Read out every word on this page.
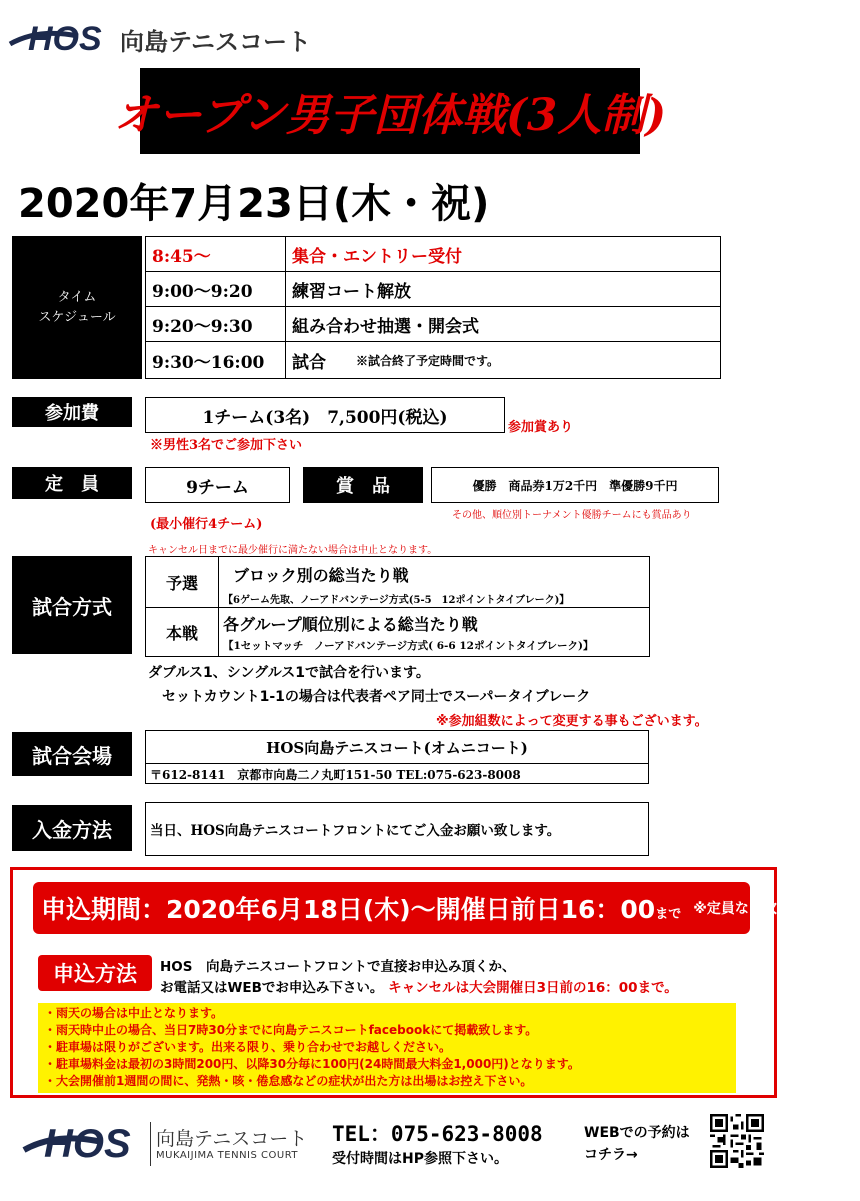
HOS 向島テニスコート
オープン男子団体戦(3人制)
2020年7月23日(木・祝)
タイム
スケジュール
8:45～	集合・エントリー受付
9:00～9:20	練習コート解放
9:20～9:30	組み合わせ抽選・開会式
9:30～16:00	試合	※試合終了予定時間です。
参加費	1チーム(3名)　7,500円(税込)	参加賞あり
※男性3名でご参加下さい
定　員	9チーム
(最小催行4チーム)
キャンセル日までに最少催行に満たない場合は中止となります。
賞　品	優勝　商品券1万2千円　準優勝9千円
その他、順位別トーナメント優勝チームにも賞品あり
試合方式
予選	ブロック別の総当たり戦
【6ゲーム先取、ノーアドバンテージ方式(5-5　12ポイントタイブレーク)】
本戦	各グループ順位別による総当たり戦
【1セットマッチ　ノーアドバンテージ方式( 6-6 12ポイントタイブレーク)】
ダブルス1、シングルス1で試合を行います。
セットカウント1-1の場合は代表者ペア同士でスーパータイブレーク
※参加組数によって変更する事もございます。
試合会場	HOS向島テニスコート(オムニコート)
〒612-8141　京都市向島二ノ丸町151-50 TEL:075-623-8008
入金方法	当日、HOS向島テニスコートフロントにてご入金お願い致します。
申込期間：2020年6月18日(木)～開催日前日16：00 まで ※定員なり次第終了です。
申込方法 HOS　向島テニスコートフロントで直接お申込み頂くか、
お電話又はWEBでお申込み下さい。 キャンセルは大会開催日3日前の16：00まで。
・雨天の場合は中止となります。
・雨天時中止の場合、当日7時30分までに向島テニスコートfacebookにて掲載致します。
・駐車場は限りがございます。出来る限り、乗り合わせでお越しください。
・駐車場料金は最初の3時間200円、以降30分毎に100円(24時間最大料金1,000円)となります。
・大会開催前1週間の間に、発熱・咳・倦怠感などの症状が出た方は出場はお控え下さい。
HOS 向島テニスコート
MUKAIJIMA TENNIS COURT
TEL：075-623-8008
受付時間はHP参照下さい。
WEBでの予約は
コチラ→
